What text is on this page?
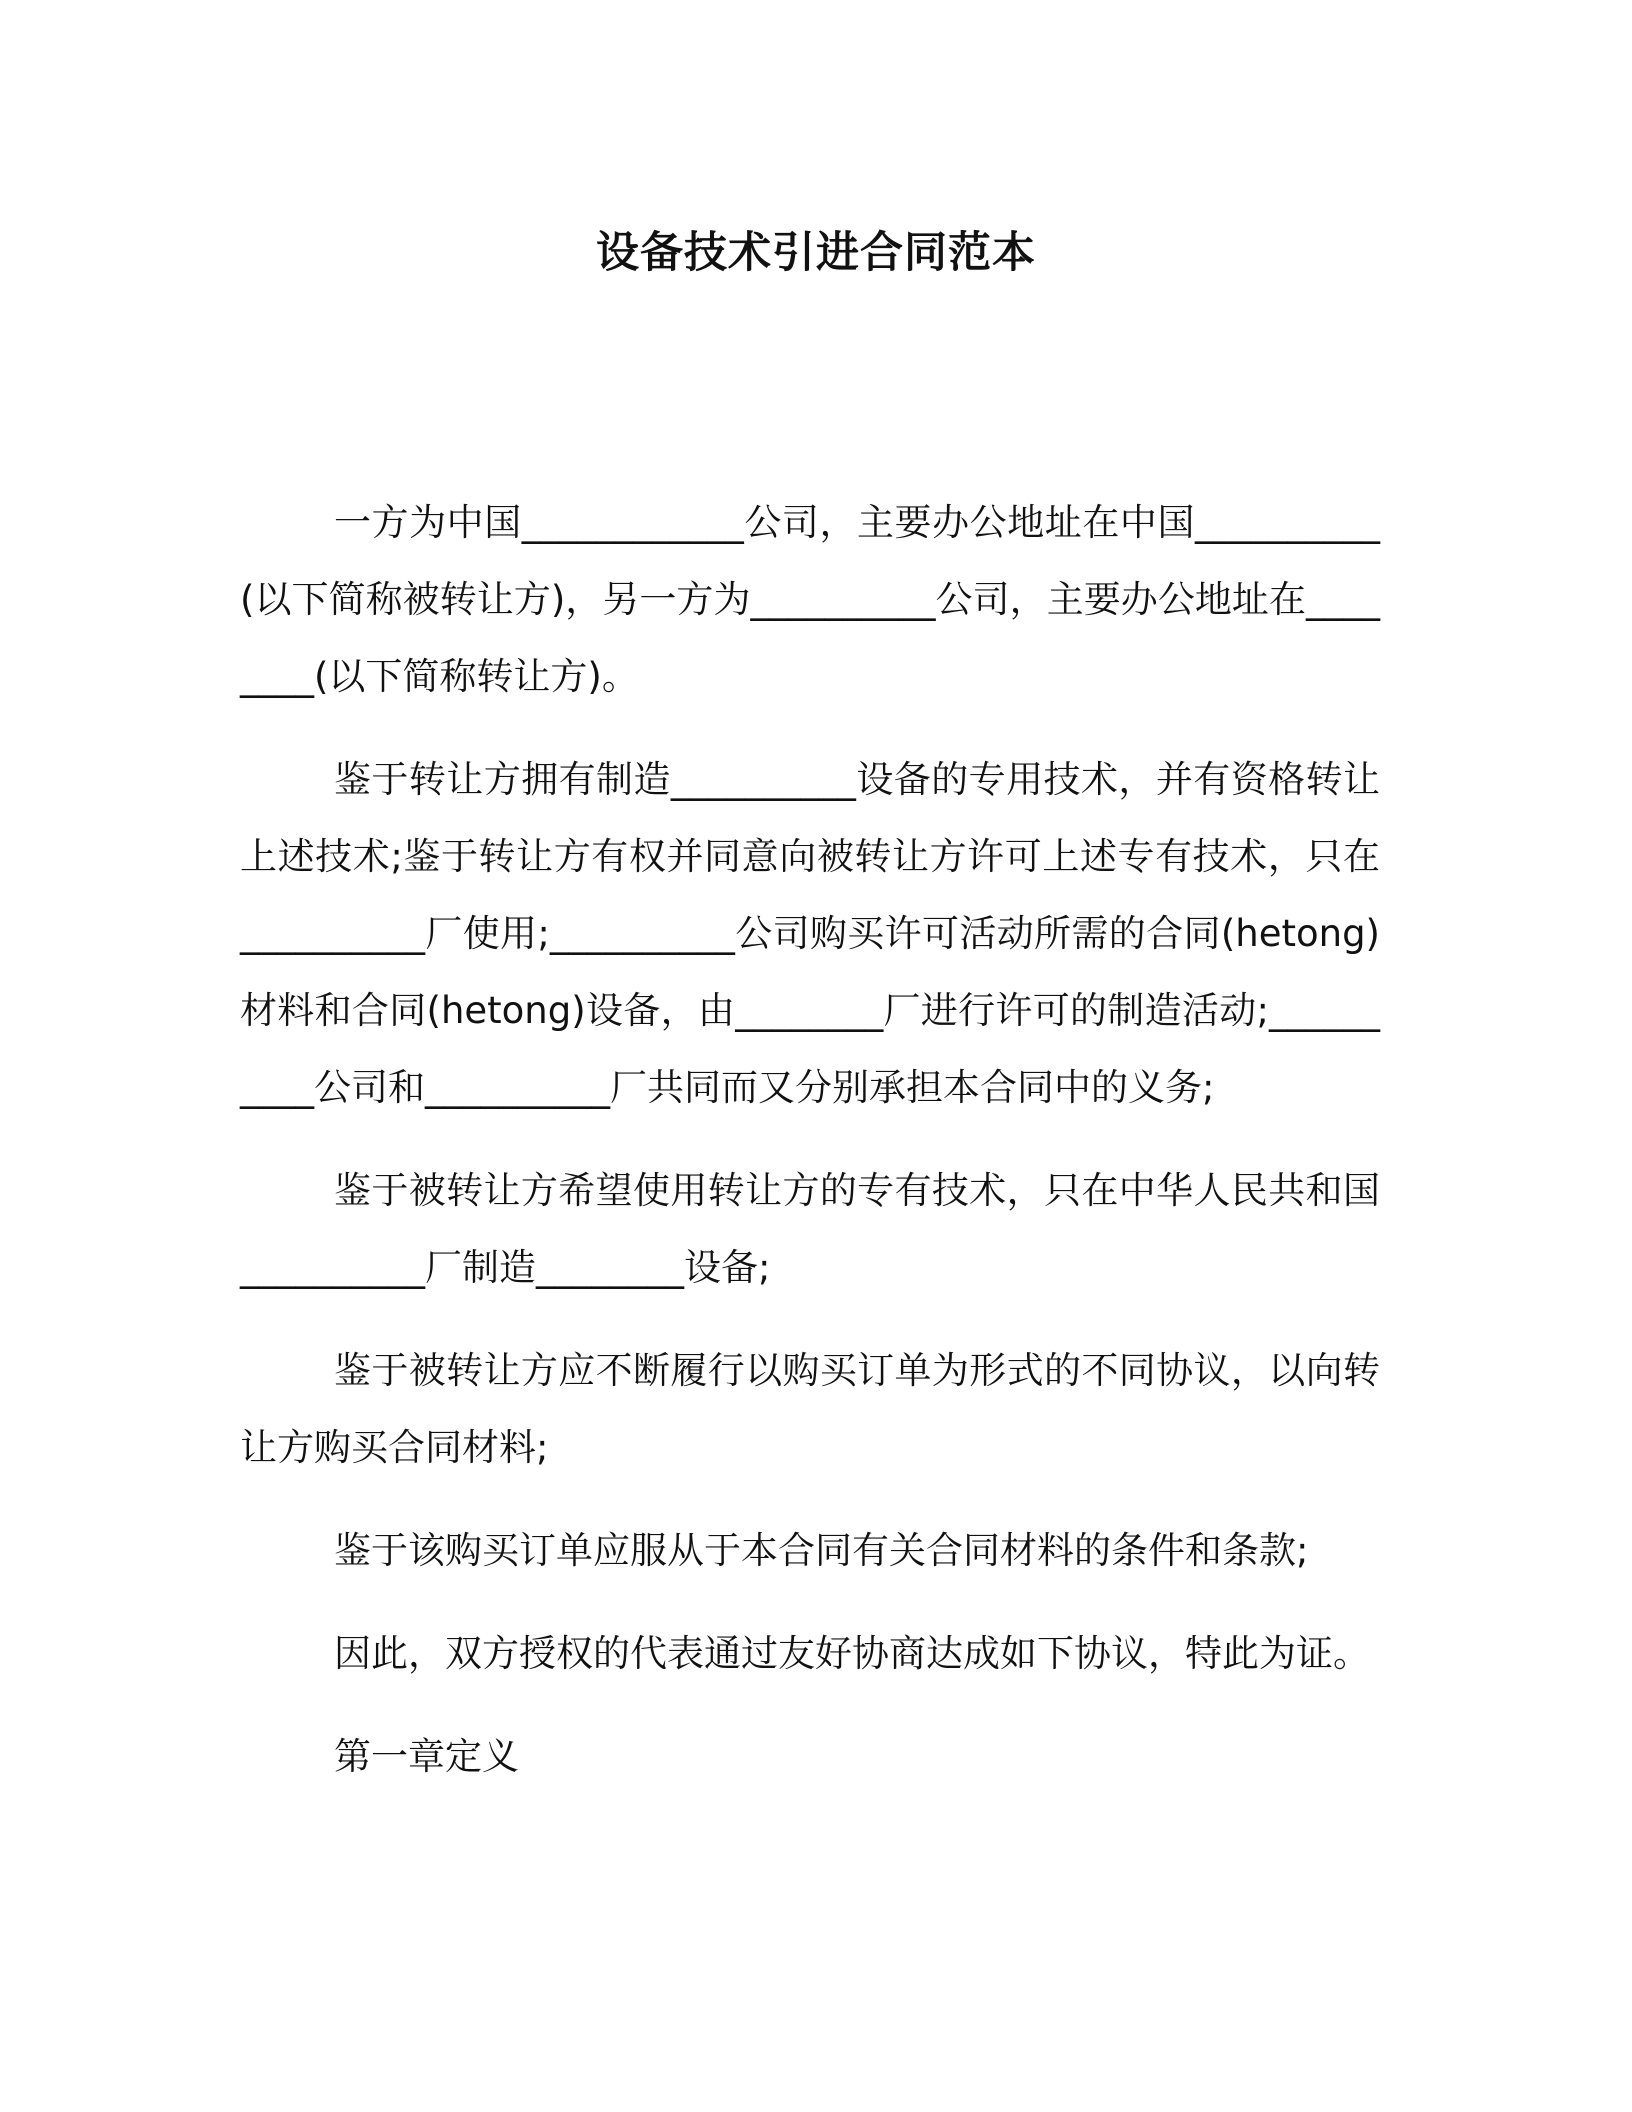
设备技术引进合同范本

一方为中国____________公司，主要办公地址在中国__________(以下简称被转让方)，另一方为__________公司，主要办公地址在________(以下简称转让方)。

鉴于转让方拥有制造__________设备的专用技术，并有资格转让上述技术;鉴于转让方有权并同意向被转让方许可上述专有技术，只在__________厂使用;__________公司购买许可活动所需的合同(hetong)材料和合同(hetong)设备，由________厂进行许可的制造活动;__________公司和__________厂共同而又分别承担本合同中的义务;

鉴于被转让方希望使用转让方的专有技术，只在中华人民共和国__________厂制造________设备;

鉴于被转让方应不断履行以购买订单为形式的不同协议，以向转让方购买合同材料;

鉴于该购买订单应服从于本合同有关合同材料的条件和条款;

因此，双方授权的代表通过友好协商达成如下协议，特此为证。

第一章定义
